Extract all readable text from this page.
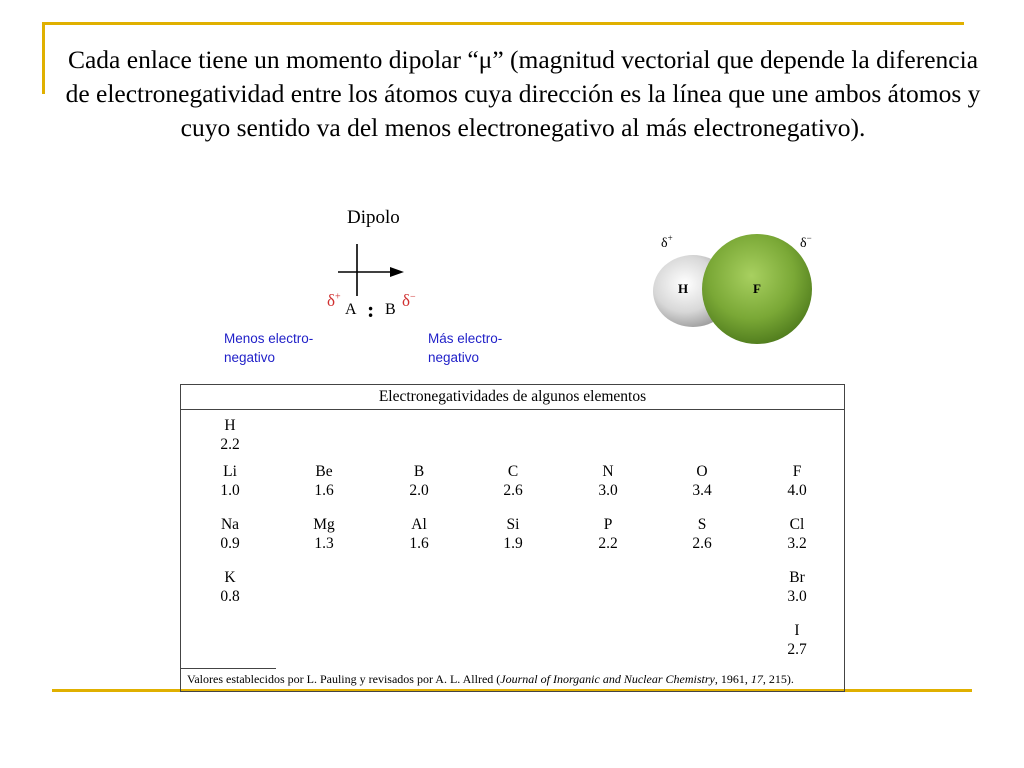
Cada enlace tiene un momento dipolar “μ” (magnitud vectorial que depende la diferencia de electronegatividad entre los átomos cuya dirección es la línea que une ambos átomos y cuyo sentido va del menos electronegativo al más electronegativo).
Dipolo
δ+
A : B δ−
Menos electro-
negativo
Más electro-
negativo
δ+	δ−
H	F
Electronegatividades de algunos elementos
H
2.2
Li
1.0
Be
1.6
B
2.0
C
2.6
N
3.0
O
3.4
F
4.0
Na
0.9
Mg
1.3
Al
1.6
Si
1.9
P
2.2
S
2.6
Cl
3.2
K
0.8
Br
3.0
I
2.7
Valores establecidos por L. Pauling y revisados por A. L. Allred (Journal of Inorganic and Nuclear Chemistry, 1961, 17, 215).
